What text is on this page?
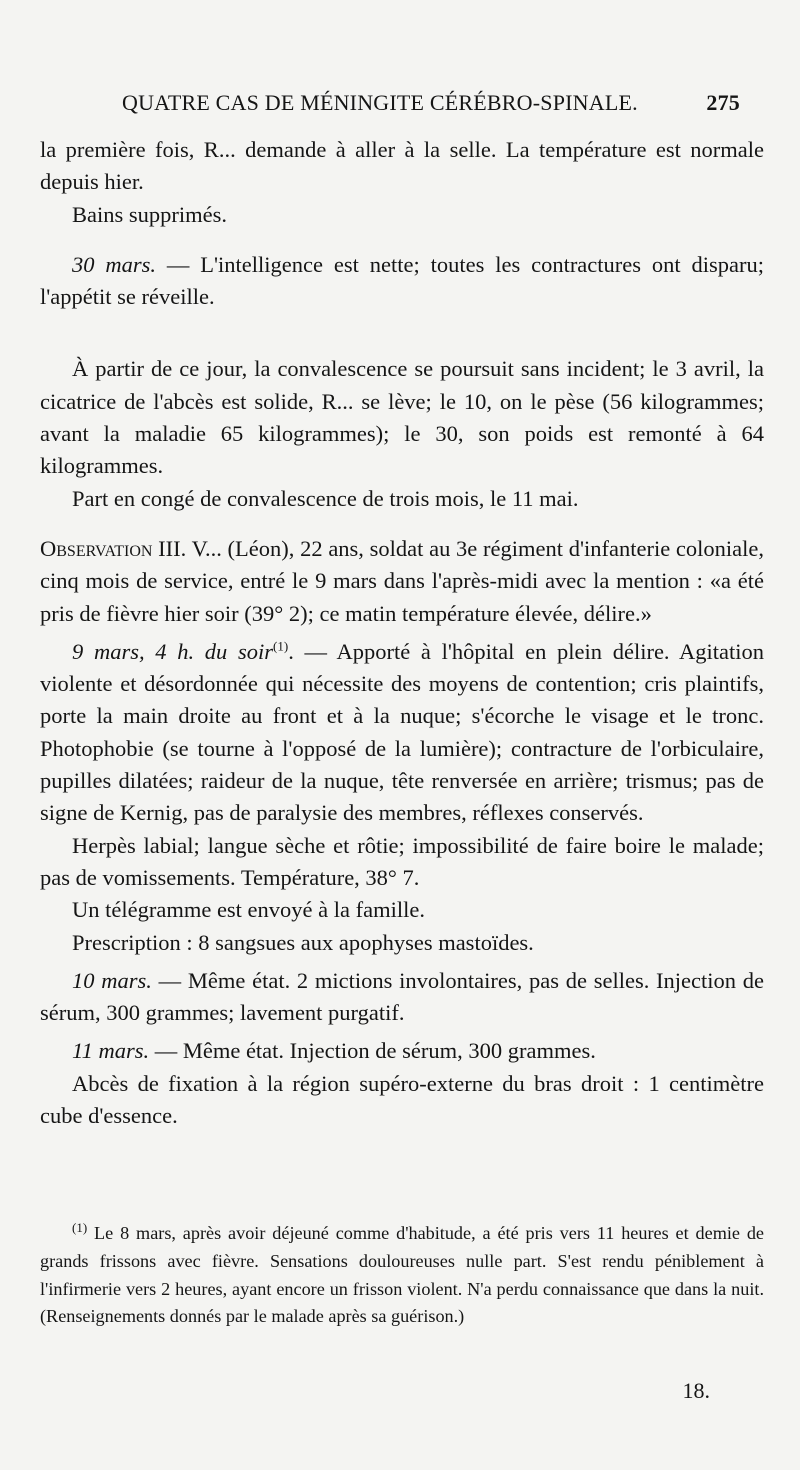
QUATRE CAS DE MÉNINGITE CÉRÉBRO-SPINALE.	275

la première fois, R... demande à aller à la selle. La température est normale depuis hier.

Bains supprimés.

30 mars. — L'intelligence est nette; toutes les contractures ont disparu; l'appétit se réveille.

À partir de ce jour, la convalescence se poursuit sans incident; le 3 avril, la cicatrice de l'abcès est solide, R... se lève; le 10, on le pèse (56 kilogrammes; avant la maladie 65 kilogrammes); le 30, son poids est remonté à 64 kilogrammes.

Part en congé de convalescence de trois mois, le 11 mai.

Observation III. V... (Léon), 22 ans, soldat au 3e régiment d'infanterie coloniale, cinq mois de service, entré le 9 mars dans l'après-midi avec la mention : «a été pris de fièvre hier soir (39° 2); ce matin température élevée, délire.»

9 mars, 4 h. du soir$^{(1)}$. — Apporté à l'hôpital en plein délire. Agitation violente et désordonnée qui nécessite des moyens de contention; cris plaintifs, porte la main droite au front et à la nuque; s'écorche le visage et le tronc. Photophobie (se tourne à l'opposé de la lumière); contracture de l'orbiculaire, pupilles dilatées; raideur de la nuque, tête renversée en arrière; trismus; pas de signe de Kernig, pas de paralysie des membres, réflexes conservés.

Herpès labial; langue sèche et rôtie; impossibilité de faire boire le malade; pas de vomissements. Température, 38° 7.

Un télégramme est envoyé à la famille.

Prescription : 8 sangsues aux apophyses mastoïdes.

10 mars. — Même état. 2 mictions involontaires, pas de selles. Injection de sérum, 300 grammes; lavement purgatif.

11 mars. — Même état. Injection de sérum, 300 grammes.

Abcès de fixation à la région supéro-externe du bras droit : 1 centimètre cube d'essence.

$^{(1)}$ Le 8 mars, après avoir déjeuné comme d'habitude, a été pris vers 11 heures et demie de grands frissons avec fièvre. Sensations douloureuses nulle part. S'est rendu péniblement à l'infirmerie vers 2 heures, ayant encore un frisson violent. N'a perdu connaissance que dans la nuit. (Renseignements donnés par le malade après sa guérison.)

18.
